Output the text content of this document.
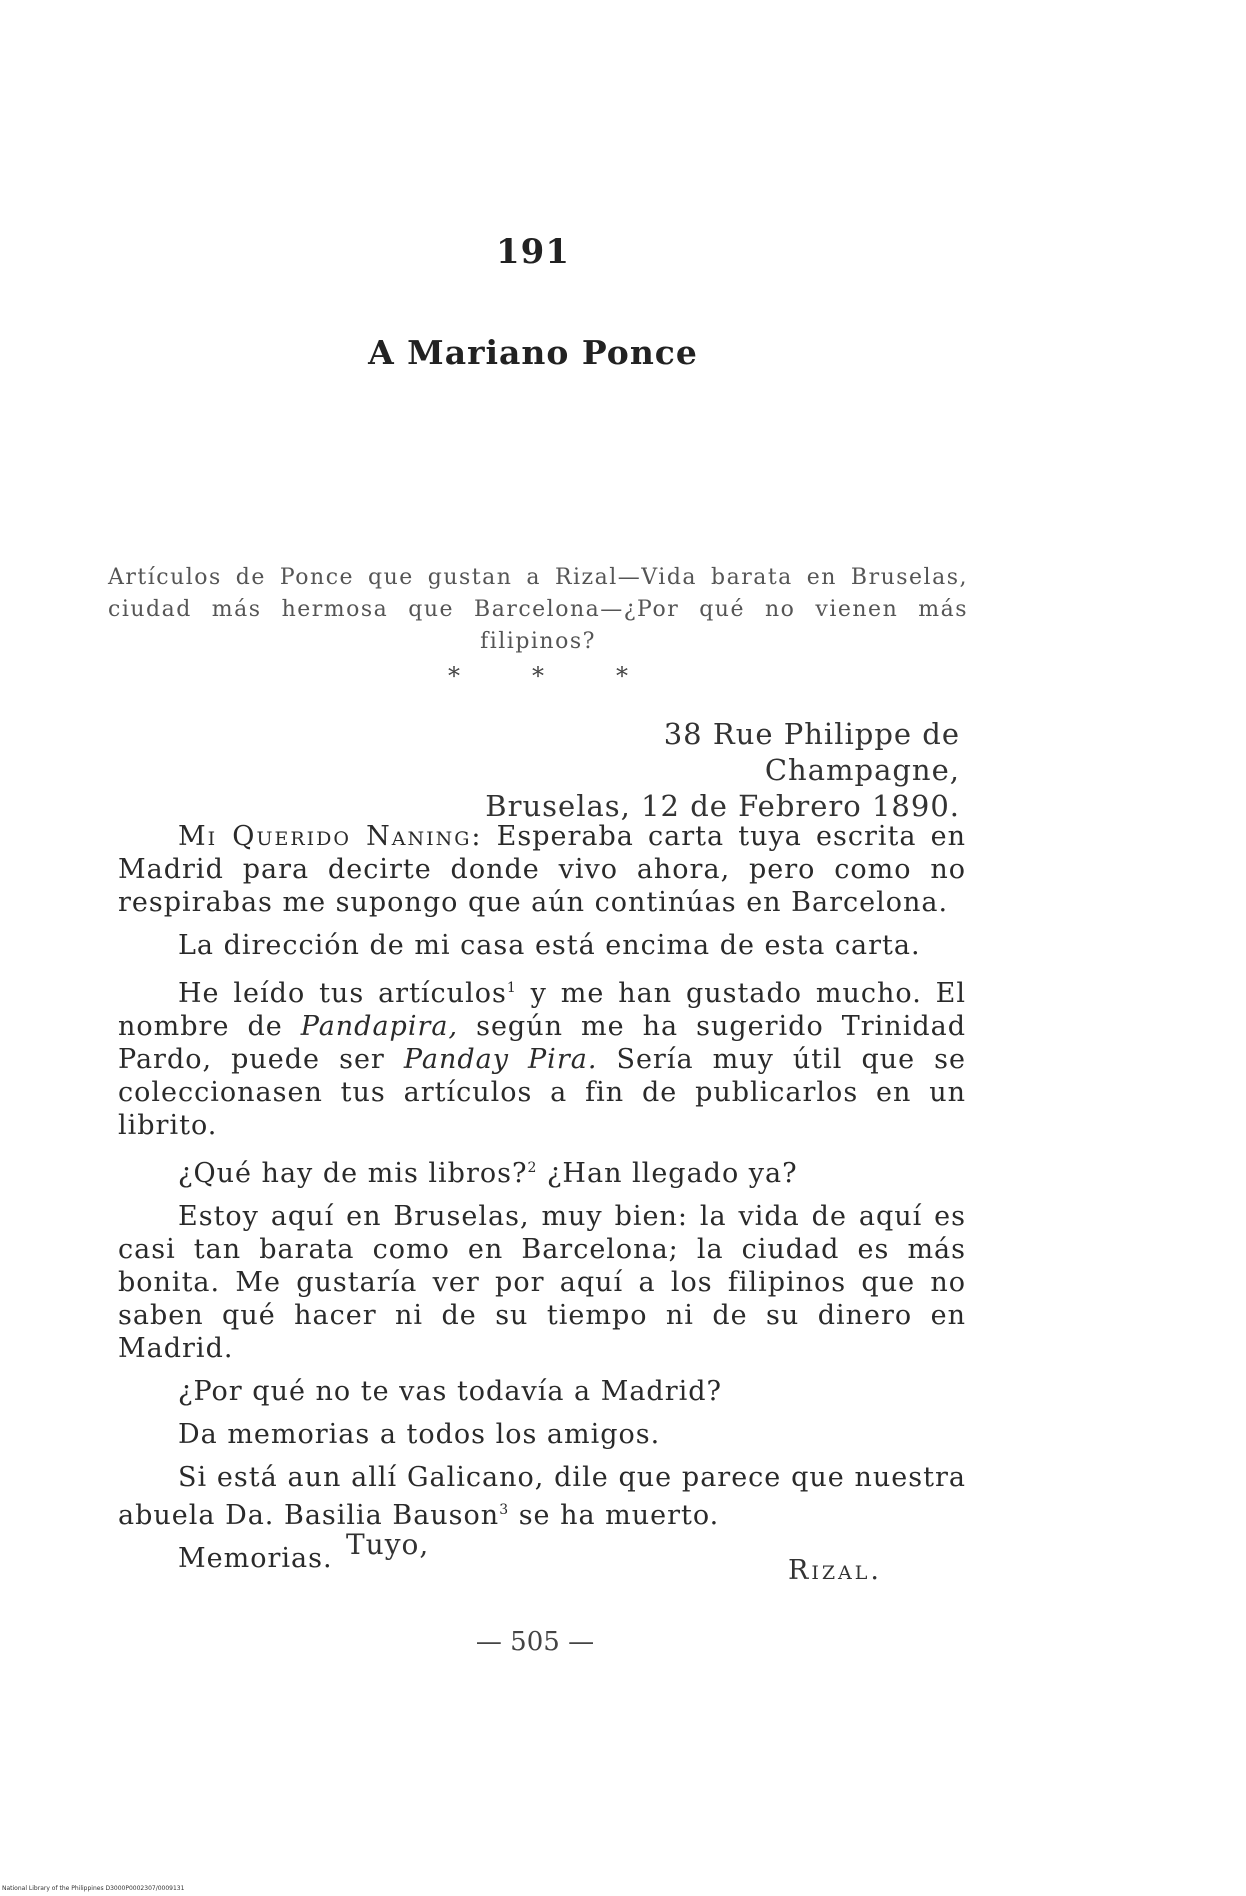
191
A Mariano Ponce
Artículos de Ponce que gustan a Rizal—Vida barata en Bruselas, ciudad más hermosa que Barcelona—¿Por qué no vienen más filipinos?
*	*	*
38 Rue Philippe de Champagne,
Bruselas, 12 de Febrero 1890.

Mi Querido Naning: Esperaba carta tuya escrita en Madrid para decirte donde vivo ahora, pero como no respirabas me supongo que aún continúas en Barcelona.

La dirección de mi casa está encima de esta carta.

He leído tus artículos$^1$ y me han gustado mucho. El nombre de Pandapira, según me ha sugerido Trinidad Pardo, puede ser Panday Pira. Sería muy útil que se coleccionasen tus artículos a fin de publicarlos en un librito.

¿Qué hay de mis libros?$^2$ ¿Han llegado ya?

Estoy aquí en Bruselas, muy bien: la vida de aquí es casi tan barata como en Barcelona; la ciudad es más bonita. Me gustaría ver por aquí a los filipinos que no saben qué hacer ni de su tiempo ni de su dinero en Madrid.

¿Por qué no te vas todavía a Madrid?

Da memorias a todos los amigos.

Si está aun allí Galicano, dile que parece que nuestra abuela Da. Basilia Bauson$^3$ se ha muerto.

Memorias. Tuyo,
Rizal.
— 505 —
National Library of the Philippines D3000P0002307/0009131
